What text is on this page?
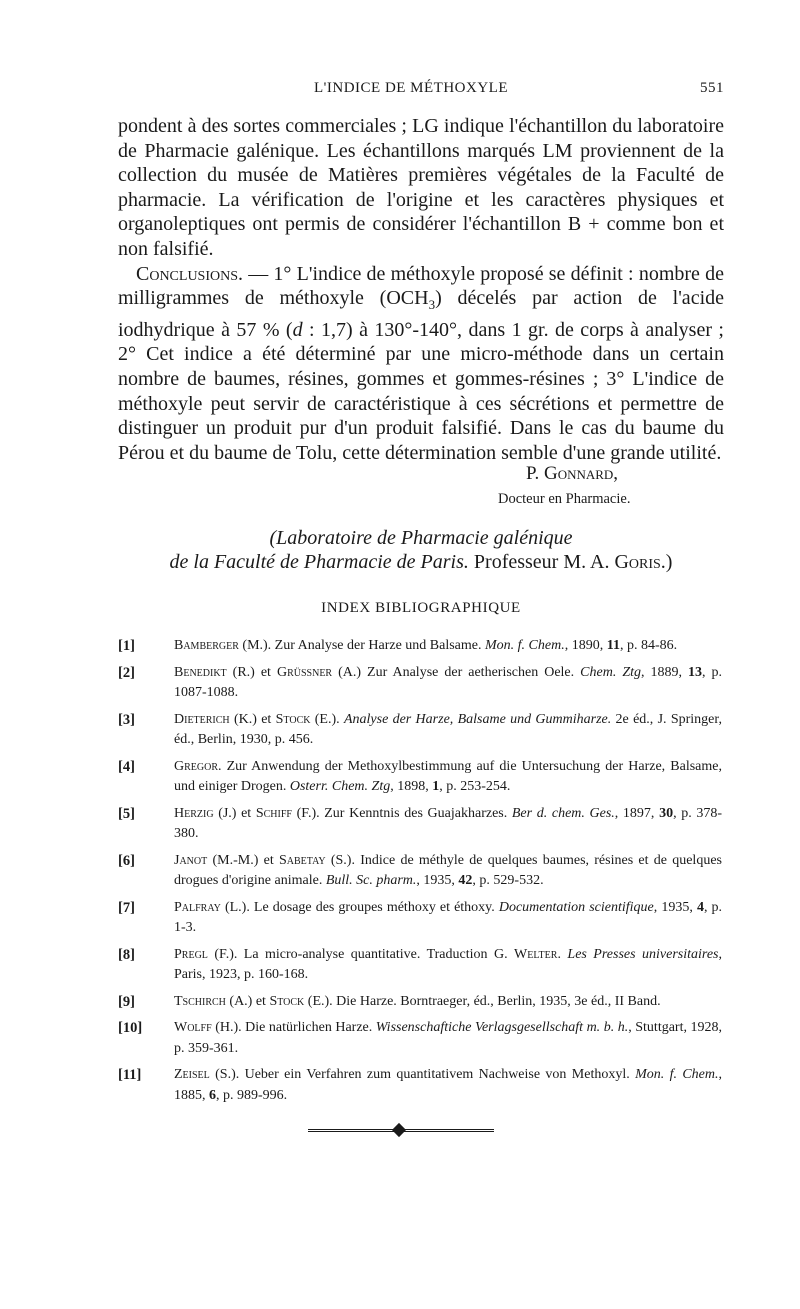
L'INDICE DE MÉTHOXYLE	551

pondent à des sortes commerciales ; LG indique l'échantillon du laboratoire de Pharmacie galénique. Les échantillons marqués LM proviennent de la collection du musée de Matières premières végétales de la Faculté de pharmacie. La vérification de l'origine et les caractères physiques et organoleptiques ont permis de considérer l'échantillon B + comme bon et non falsifié.

Conclusions. — 1° L'indice de méthoxyle proposé se définit : nombre de milligrammes de méthoxyle $(OCH_3)$ décelés par action de l'acide iodhydrique à 57 % (d : 1,7) à 130°-140°, dans 1 gr. de corps à analyser ; 2° Cet indice a été déterminé par une micro-méthode dans un certain nombre de baumes, résines, gommes et gommes-résines ; 3° L'indice de méthoxyle peut servir de caractéristique à ces sécrétions et permettre de distinguer un produit pur d'un produit falsifié. Dans le cas du baume du Pérou et du baume de Tolu, cette détermination semble d'une grande utilité.

P. Gonnard,
Docteur en Pharmacie.
(Laboratoire de Pharmacie galénique
de la Faculté de Pharmacie de Paris. Professeur M. A. Goris.)
INDEX BIBLIOGRAPHIQUE
[1]	Bamberger (M.). Zur Analyse der Harze und Balsame. Mon. f. Chem., 1890, 11, p. 84-86.
[2]	Benedikt (R.) et Grüssner (A.) Zur Analyse der aetherischen Oele. Chem. Ztg, 1889, 13, p. 1087-1088.
[3]	Dieterich (K.) et Stock (E.). Analyse der Harze, Balsame und Gummiharze. 2e éd., J. Springer, éd., Berlin, 1930, p. 456.
[4]	Gregor. Zur Anwendung der Methoxylbestimmung auf die Untersuchung der Harze, Balsame, und einiger Drogen. Osterr. Chem. Ztg, 1898, 1, p. 253-254.
[5]	Herzig (J.) et Schiff (F.). Zur Kenntnis des Guajakharzes. Ber d. chem. Ges., 1897, 30, p. 378-380.
[6]	Janot (M.-M.) et Sabetay (S.). Indice de méthyle de quelques baumes, résines et de quelques drogues d'origine animale. Bull. Sc. pharm., 1935, 42, p. 529-532.
[7]	Palfray (L.). Le dosage des groupes méthoxy et éthoxy. Documentation scientifique, 1935, 4, p. 1-3.
[8]	Pregl (F.). La micro-analyse quantitative. Traduction G. Welter. Les Presses universitaires, Paris, 1923, p. 160-168.
[9]	Tschirch (A.) et Stock (E.). Die Harze. Borntraeger, éd., Berlin, 1935, 3e éd., II Band.
[10] Wolff (H.). Die natürlichen Harze. Wissenschaftiche Verlagsgesellschaft m. b. h., Stuttgart, 1928, p. 359-361.
[11] Zeisel (S.). Ueber ein Verfahren zum quantitativem Nachweise von Methoxyl. Mon. f. Chem., 1885, 6, p. 989-996.
